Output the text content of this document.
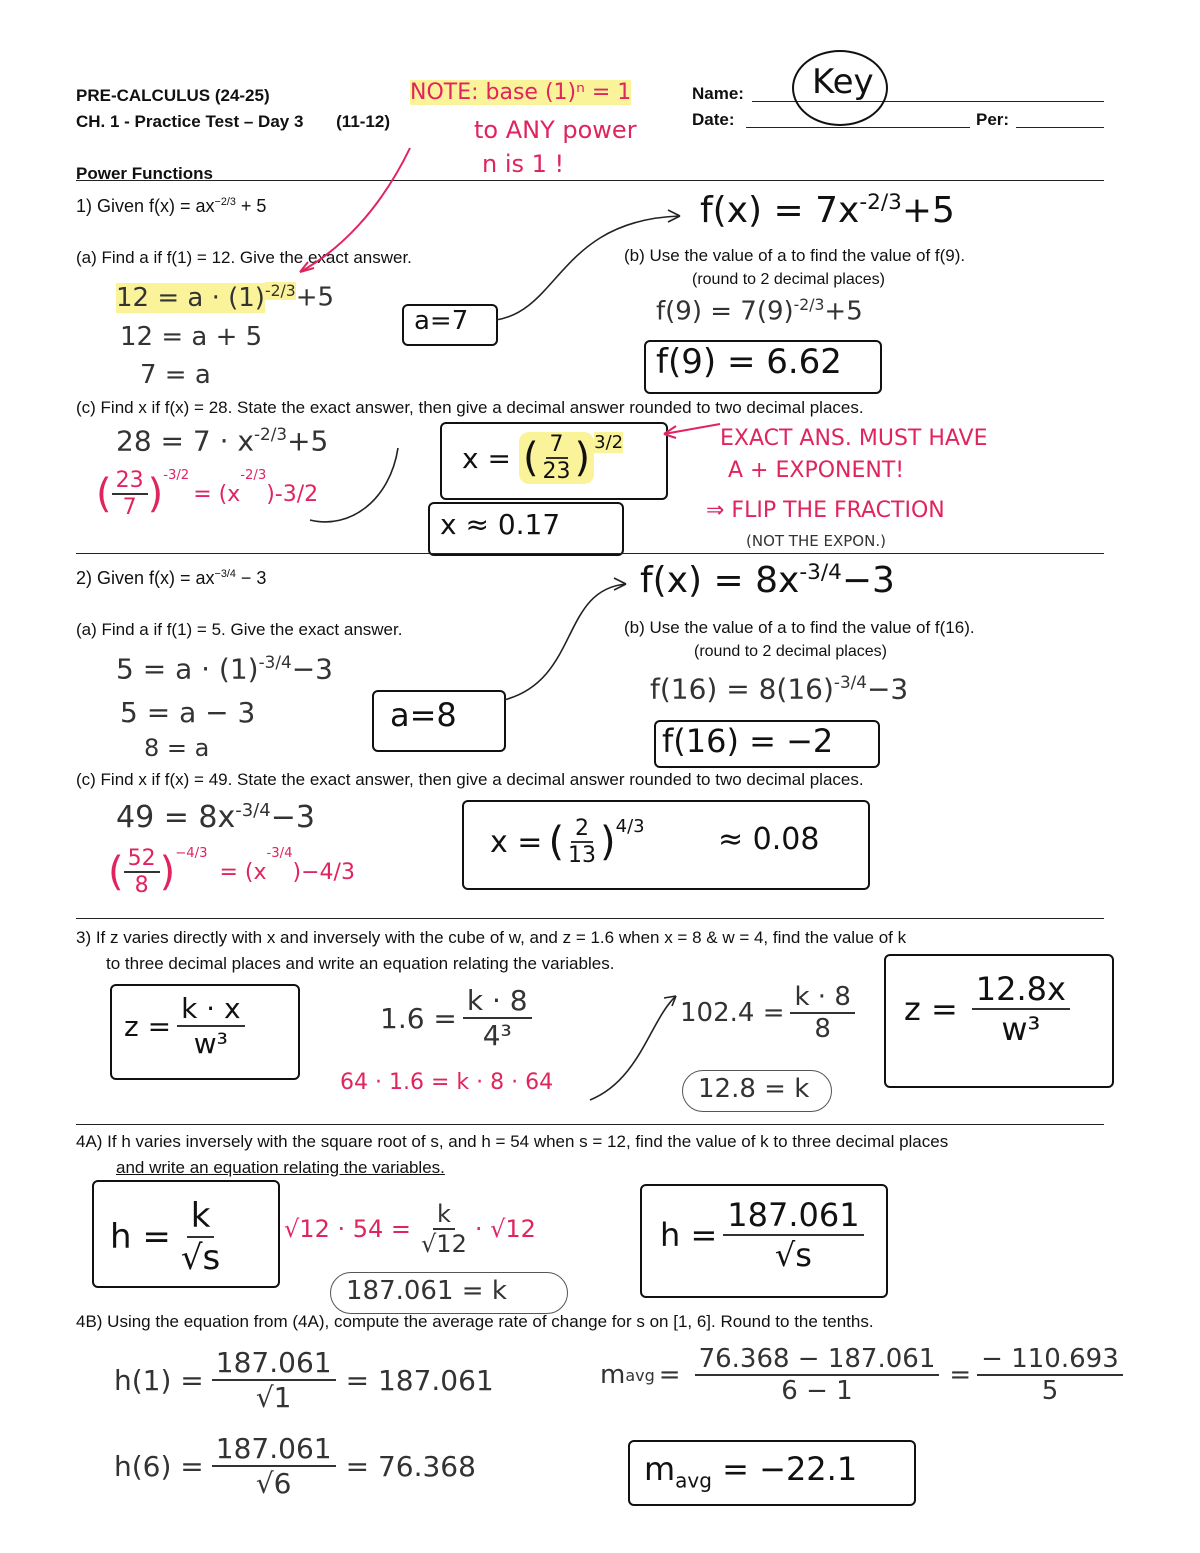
PRE-CALCULUS (24-25)
CH. 1 - Practice Test – Day 3 (11-12)
Name: Key
Date:	Per:
NOTE: base (1)ⁿ = 1
to ANY power
n is 1 !
Power Functions
1) Given $f(x) = ax^{-2/3} + 5$	$f(x) = 7x^{-2/3}+5$
(a) Find a if f(1) = 12. Give the exact answer.	(b) Use the value of a to find the value of f(9).
(round to 2 decimal places)
$12 = a \cdot (1)^{-2/3}+5$
12 = a + 5
7 = a
a=7	$f(9) = 7(9)^{-2/3}+5$
f(9) = 6.62
(c) Find x if f(x) = 28. State the exact answer, then give a decimal answer rounded to two decimal places.
$28 = 7 \cdot x^{-2/3}+5$
( $\frac{23}{7} )^{-3/2}$
= (x
$^{-2/3}$
)-3/2
x = ( $\frac{7}{23} )^{3/2}$
x ≈ 0.17
EXACT ANS. MUST HAVE
A + EXPONENT!
⇒ FLIP THE FRACTION
(NOT THE EXPON.)
2) Given $f(x) = ax^{-3/4} - 3$	$f(x) = 8x^{-3/4}-3$
(a) Find a if f(1) = 5. Give the exact answer.	(b) Use the value of a to find the value of f(16).
(round to 2 decimal places)
$5 = a \cdot (1)^{-3/4}-3$
5 = a − 3
8 = a
a=8
$f(16) = 8(16)^{-3/4}-3$
f(16) = −2
(c) Find x if f(x) = 49. State the exact answer, then give a decimal answer rounded to two decimal places.
$49 = 8x^{-3/4}-3$
( $\frac{52}{8} )^{-4/3}$
= (x
$^{-3/4}$
)−4/3
x = ( $\frac{2}{13} )^{4/3} \approx 0.08$
3) If z varies directly with x and inversely with the cube of w, and z = 1.6 when x = 8 & w = 4, find the value of k
to three decimal places and write an equation relating the variables.
$z = \frac{k \cdot x}{\text{w³}}$	$1.6 = \frac{k \cdot 8}{\text{4³}}$
64 · 1.6 = k · 8 · 64
$102.4 = \frac{k \cdot 8}{8}$
12.8 = k
$z = \frac{12.8x}{\text{w³}}$
4A) If h varies inversely with the square root of s, and h = 54 when s = 12, find the value of k to three decimal places
and write an equation relating the variables.
$h = \frac{k}{√s} √12 \cdot 54 = \frac{k}{√12} \cdot √12$
187.061 = k
$h = \frac{187.061}{√s}$
4B) Using the equation from (4A), compute the average rate of change for s on [1, 6]. Round to the tenths.
$h(1) = \frac{187.061}{√1} = 187.061$
$h(6) = \frac{187.061}{√6} = 76.368$
m avg = $\frac{76.368 - 187.061}{6 - 1} = \frac{- 110.693}{5}$
$m_{avg} = -22.1$
